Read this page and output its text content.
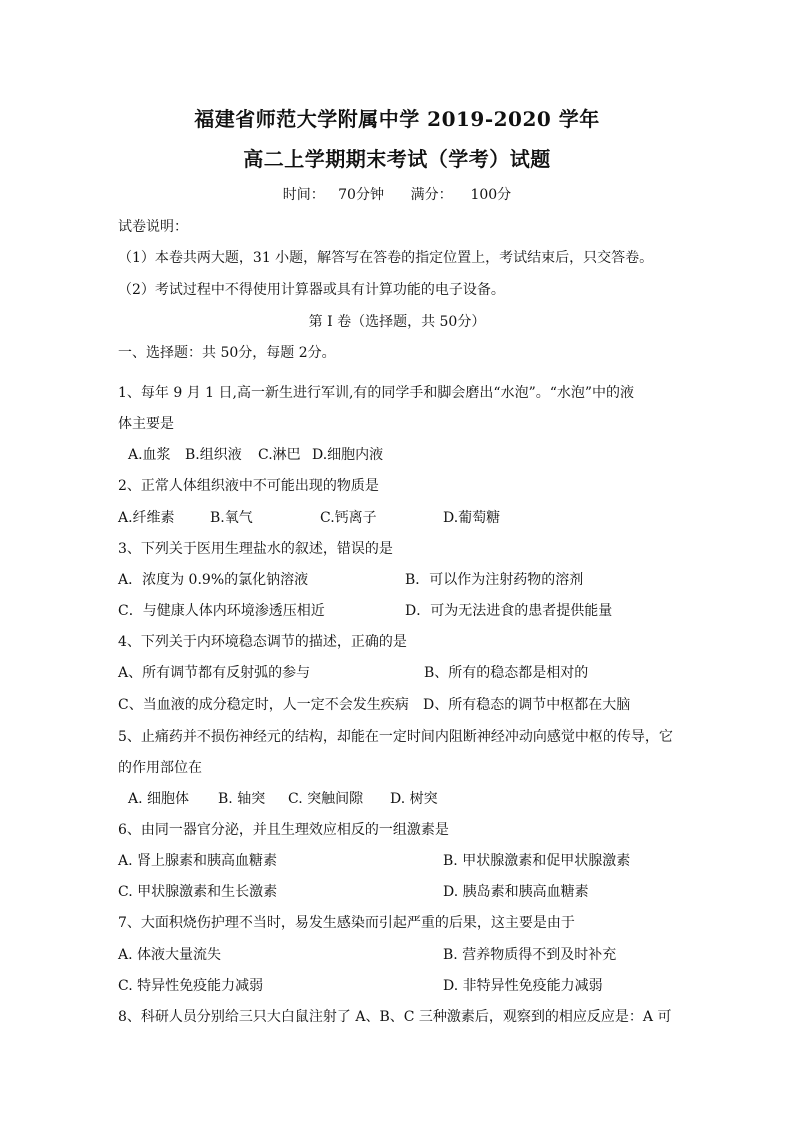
福建省师范大学附属中学 2019-2020 学年
高二上学期期末考试（学考）试题
时间：   70分钟      满分：    100分
试卷说明：
（1）本卷共两大题，31 小题，解答写在答卷的指定位置上，考试结束后，只交答卷。
（2）考试过程中不得使用计算器或具有计算功能的电子设备。
第 I 卷（选择题，共 50分）
一、选择题：共 50分，每题 2分。
1、每年 9 月 1 日,高一新生进行军训,有的同学手和脚会磨出“水泡”。“水泡”中的液
体主要是
A.血浆 B.组织液 C.淋巴 D.细胞内液
2、正常人体组织液中不可能出现的物质是
A.纤维素	B.氧气	C.钙离子	D.葡萄糖
3、下列关于医用生理盐水的叙述，错误的是
A．浓度为 0.9%的氯化钠溶液	B．可以作为注射药物的溶剂
C．与健康人体内环境渗透压相近	D．可为无法进食的患者提供能量
4、下列关于内环境稳态调节的描述，正确的是
A、所有调节都有反射弧的参与	B、所有的稳态都是相对的
C、当血液的成分稳定时，人一定不会发生疾病 D、所有稳态的调节中枢都在大脑
5、止痛药并不损伤神经元的结构，却能在一定时间内阻断神经冲动向感觉中枢的传导，它
的作用部位在
A. 细胞体 B. 轴突 C. 突触间隙 D. 树突
6、由同一器官分泌，并且生理效应相反的一组激素是
A. 肾上腺素和胰高血糖素	B. 甲状腺激素和促甲状腺激素
C. 甲状腺激素和生长激素	D. 胰岛素和胰高血糖素
7、大面积烧伤护理不当时，易发生感染而引起严重的后果，这主要是由于
A. 体液大量流失	B. 营养物质得不到及时补充
C. 特异性免疫能力减弱	D. 非特异性免疫能力减弱
8、科研人员分别给三只大白鼠注射了 A、B、C 三种激素后，观察到的相应反应是：A 可
